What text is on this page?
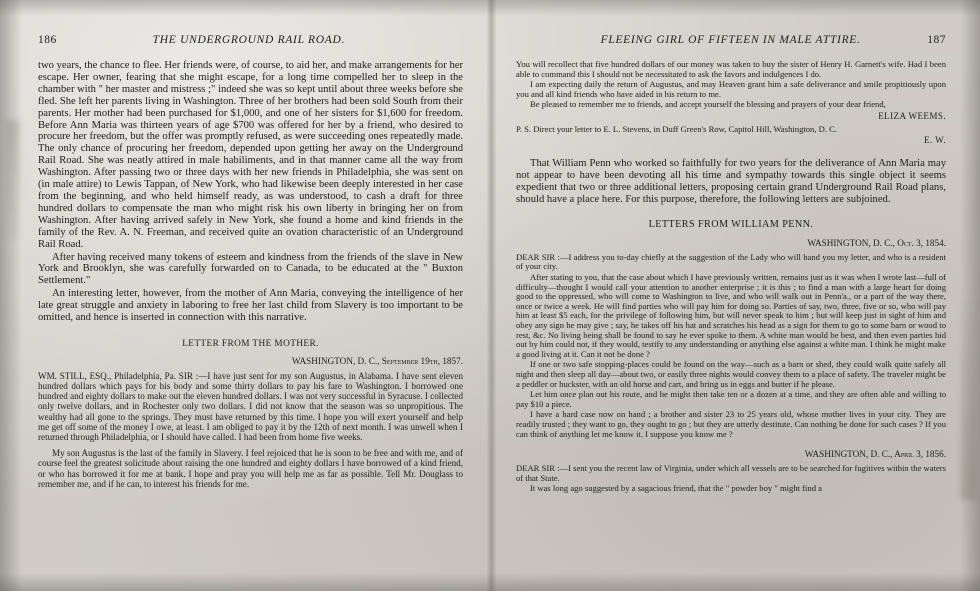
186	THE UNDERGROUND RAIL ROAD.

two years, the chance to flee. Her friends were, of course, to aid her, and make arrangements for her escape. Her owner, fearing that she might escape, for a long time compelled her to sleep in the chamber with " her master and mistress ;" indeed she was so kept until about three weeks before she fled. She left her parents living in Washington. Three of her brothers had been sold South from their parents. Her mother had been purchased for $1,000, and one of her sisters for $1,600 for freedom. Before Ann Maria was thirteen years of age $700 was offered for her by a friend, who desired to procure her freedom, but the offer was promptly refused, as were succeeding ones repeatedly made. The only chance of procuring her freedom, depended upon getting her away on the Underground Rail Road. She was neatly attired in male habiliments, and in that manner came all the way from Washington. After passing two or three days with her new friends in Philadelphia, she was sent on (in male attire) to Lewis Tappan, of New York, who had likewise been deeply interested in her case from the beginning, and who held himself ready, as was understood, to cash a draft for three hundred dollars to compensate the man who might risk his own liberty in bringing her on from Washington. After having arrived safely in New York, she found a home and kind friends in the family of the Rev. A. N. Freeman, and received quite an ovation characteristic of an Underground Rail Road.

After having received many tokens of esteem and kindness from the friends of the slave in New York and Brooklyn, she was carefully forwarded on to Canada, to be educated at the " Buxton Settlement."

An interesting letter, however, from the mother of Ann Maria, conveying the intelligence of her late great struggle and anxiety in laboring to free her last child from Slavery is too important to be omitted, and hence is inserted in connection with this narrative.

LETTER FROM THE MOTHER.

WASHINGTON, D. C., September 19th, 1857.

WM. STILL, ESQ., Philadelphia, Pa. SIR :—I have just sent for my son Augustus, in Alabama. I have sent eleven hundred dollars which pays for his body and some thirty dollars to pay his fare to Washington. I borrowed one hundred and eighty dollars to make out the eleven hundred dollars. I was not very successful in Syracuse. I collected only twelve dollars, and in Rochester only two dollars. I did not know that the season was so unpropitious. The wealthy had all gone to the springs. They must have returned by this time. I hope you will exert yourself and help me get off some of the money I owe, at least. I am obliged to pay it by the 12th of next month. I was unwell when I returned through Philadelphia, or I should have called. I had been from home five weeks.

My son Augustus is the last of the family in Slavery. I feel rejoiced that he is soon to be free and with me, and of course feel the greatest solicitude about raising the one hundred and eighty dollars I have borrowed of a kind friend, or who has borrowed it for me at bank. I hope and pray you will help me as far as possible. Tell Mr. Douglass to remember me, and if he can, to interest his friends for me.

FLEEING GIRL OF FIFTEEN IN MALE ATTIRE.	187

You will recollect that five hundred dollars of our money was taken to buy the sister of Henry H. Garnett's wife. Had I been able to command this I should not be necessitated to ask the favors and indulgences I do.

I am expecting daily the return of Augustus, and may Heaven grant him a safe deliverance and smile propitiously upon you and all kind friends who have aided in his return to me.

Be pleased to remember me to friends, and accept yourself the blessing and prayers of your dear friend,

ELIZA WEEMS.

P. S. Direct your letter to E. L. Stevens, in Duff Green's Row, Capitol Hill, Washington, D. C.

E. W.

That William Penn who worked so faithfully for two years for the deliverance of Ann Maria may not appear to have been devoting all his time and sympathy towards this single object it seems expedient that two or three additional letters, proposing certain grand Underground Rail Road plans, should have a place here. For this purpose, therefore, the following letters are subjoined.

LETTERS FROM WILLIAM PENN.

WASHINGTON, D. C., Oct. 3, 1854.

DEAR SIR :—I address you to-day chiefly at the suggestion of the Lady who will hand you my letter, and who is a resident of your city.

After stating to you, that the case about which I have previously written, remains just as it was when I wrote last—full of difficulty—thought I would call your attention to another enterprise ; it is this ; to find a man with a large heart for doing good to the oppressed, who will come to Washington to live, and who will walk out in Penn'a., or a part of the way there, once or twice a week. He will find parties who will pay him for doing so. Parties of say, two, three, five or so, who will pay him at least $5 each, for the privilege of following him, but will never speak to him ; but will keep just in sight of him and obey any sign he may give ; say, he takes off his hat and scratches his head as a sign for them to go to some barn or wood to rest, &c. No living being shall be found to say he ever spoke to them. A white man would be best, and then even parties hid out by him could not, if they would, testify to any understanding or anything else against a white man. I think he might make a good living at it. Can it not be done ?

If one or two safe stopping-places could be found on the way—such as a barn or shed, they could walk quite safely all night and then sleep all day—about two, or easily three nights would convey them to a place of safety. The traveler might be a peddler or huckster, with an old horse and cart, and bring us in eggs and butter if he please.

Let him once plan out his route, and he might then take ten or a dozen at a time, and they are often able and willing to pay $10 a piece.

I have a hard case now on hand ; a brother and sister 23 to 25 years old, whose mother lives in your city. They are readily trusted ; they want to go, they ought to go ; but they are utterly destitute. Can nothing be done for such cases ? If you can think of anything let me know it. I suppose you know me ?

WASHINGTON, D. C., April 3, 1856.

DEAR SIR :—I sent you the recent law of Virginia, under which all vessels are to be searched for fugitives within the waters of that State.

It was long ago suggested by a sagacious friend, that the " powder boy " might find a
